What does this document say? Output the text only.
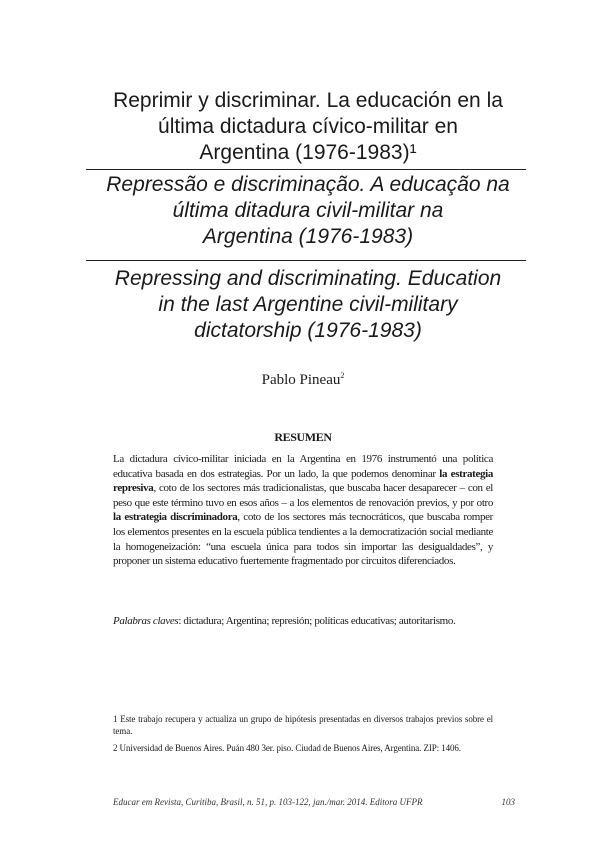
Reprimir y discriminar. La educación en la
última dictadura cívico-militar en
Argentina (1976-1983)¹
Repressão e discriminação. A educação na
última ditadura civil-militar na
Argentina (1976-1983)
Repressing and discriminating. Education
in the last Argentine civil-military
dictatorship (1976-1983)
Pablo Pineau$^2$
RESUMEN
La dictadura cívico-militar iniciada en la Argentina en 1976 instrumentó una política educativa basada en dos estrategias. Por un lado, la que podemos denominar la estrategia represiva, coto de los sectores más tradicionalistas, que buscaba hacer desaparecer – con el peso que este término tuvo en esos años – a los elementos de renovación previos, y por otro la estrategia discriminadora, coto de los sectores más tecnocráticos, que buscaba romper los elementos presentes en la escuela pública tendientes a la democratización social mediante la homogeneización: “una escuela única para todos sin importar las desigualdades”, y proponer un sistema educativo fuertemente fragmentado por circuitos diferenciados.
Palabras claves: dictadura; Argentina; represión; políticas educativas; autoritarismo.
1 Este trabajo recupera y actualiza un grupo de hipótesis presentadas en diversos trabajos previos sobre el tema.
2 Universidad de Buenos Aires. Puán 480 3er. piso. Ciudad de Buenos Aires, Argentina. ZIP: 1406.
Educar em Revista, Curitiba, Brasil, n. 51, p. 103-122, jan./mar. 2014. Editora UFPR	103
